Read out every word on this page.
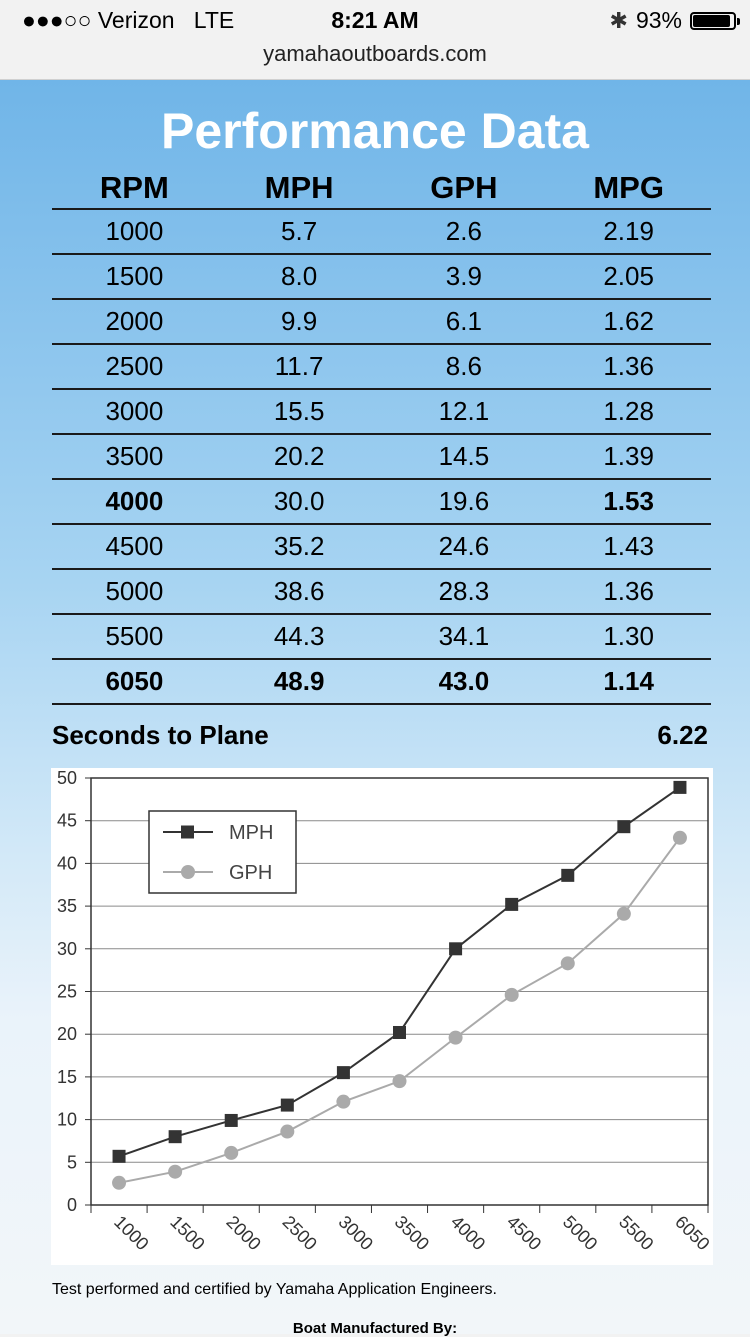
●●●○○ Verizon LTE	8:21 AM	✱ 93%
yamahaoutboards.com
Performance Data
RPM	MPH	GPH	MPG
1000	5.7	2.6	2.19
1500	8.0	3.9	2.05
2000	9.9	6.1	1.62
2500	11.7	8.6	1.36
3000	15.5	12.1	1.28
3500	20.2	14.5	1.39
4000	30.0	19.6	1.53
4500	35.2	24.6	1.43
5000	38.6	28.3	1.36
5500	44.3	34.1	1.30
6050	48.9	43.0	1.14
Seconds to Plane	6.22
0
5
10
15
20
25
30
35
40
45
50
1000 1500 2000 2500 3000 3500 4000 4500 5000 5500 6050
MPH
GPH
Test performed and certified by Yamaha Application Engineers.
Boat Manufactured By:
